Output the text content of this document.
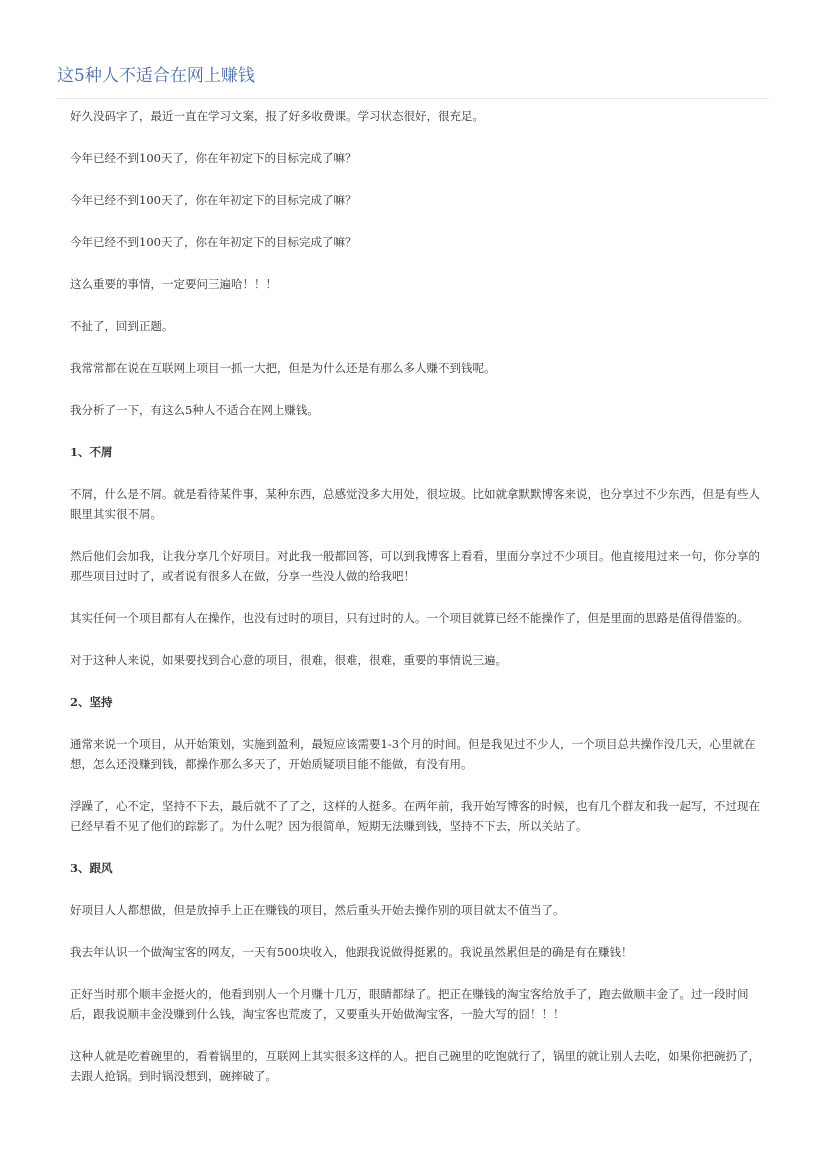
这5种人不适合在网上赚钱

好久没码字了，最近一直在学习文案，报了好多收费课。学习状态很好，很充足。

今年已经不到100天了，你在年初定下的目标完成了嘛？

今年已经不到100天了，你在年初定下的目标完成了嘛？

今年已经不到100天了，你在年初定下的目标完成了嘛？

这么重要的事情，一定要问三遍哈！！！

不扯了，回到正题。

我常常都在说在互联网上项目一抓一大把，但是为什么还是有那么多人赚不到钱呢。

我分析了一下，有这么5种人不适合在网上赚钱。

1、不屑

不屑，什么是不屑。就是看待某件事，某种东西，总感觉没多大用处，很垃圾。比如就拿默默博客来说，也分享过不少东西，但是有些人眼里其实很不屑。

然后他们会加我，让我分享几个好项目。对此我一般都回答，可以到我博客上看看，里面分享过不少项目。他直接甩过来一句，你分享的那些项目过时了，或者说有很多人在做，分享一些没人做的给我吧！

其实任何一个项目都有人在操作，也没有过时的项目，只有过时的人。一个项目就算已经不能操作了，但是里面的思路是值得借鉴的。

对于这种人来说，如果要找到合心意的项目，很难，很难，很难，重要的事情说三遍。

2、坚持

通常来说一个项目，从开始策划，实施到盈利，最短应该需要1-3个月的时间。但是我见过不少人，一个项目总共操作没几天，心里就在想，怎么还没赚到钱，都操作那么多天了，开始质疑项目能不能做，有没有用。

浮躁了，心不定，坚持不下去，最后就不了了之，这样的人挺多。在两年前，我开始写博客的时候，也有几个群友和我一起写，不过现在已经早看不见了他们的踪影了。为什么呢？因为很简单，短期无法赚到钱，坚持不下去，所以关站了。

3、跟风

好项目人人都想做，但是放掉手上正在赚钱的项目，然后重头开始去操作别的项目就太不值当了。

我去年认识一个做淘宝客的网友，一天有500块收入，他跟我说做得挺累的。我说虽然累但是的确是有在赚钱！

正好当时那个顺丰金挺火的，他看到别人一个月赚十几万，眼睛都绿了。把正在赚钱的淘宝客给放手了，跑去做顺丰金了。过一段时间后，跟我说顺丰金没赚到什么钱，淘宝客也荒废了，又要重头开始做淘宝客，一脸大写的囧！！！

这种人就是吃着碗里的，看着锅里的，互联网上其实很多这样的人。把自己碗里的吃饱就行了，锅里的就让别人去吃，如果你把碗扔了，去跟人抢锅。到时锅没想到，碗摔破了。
